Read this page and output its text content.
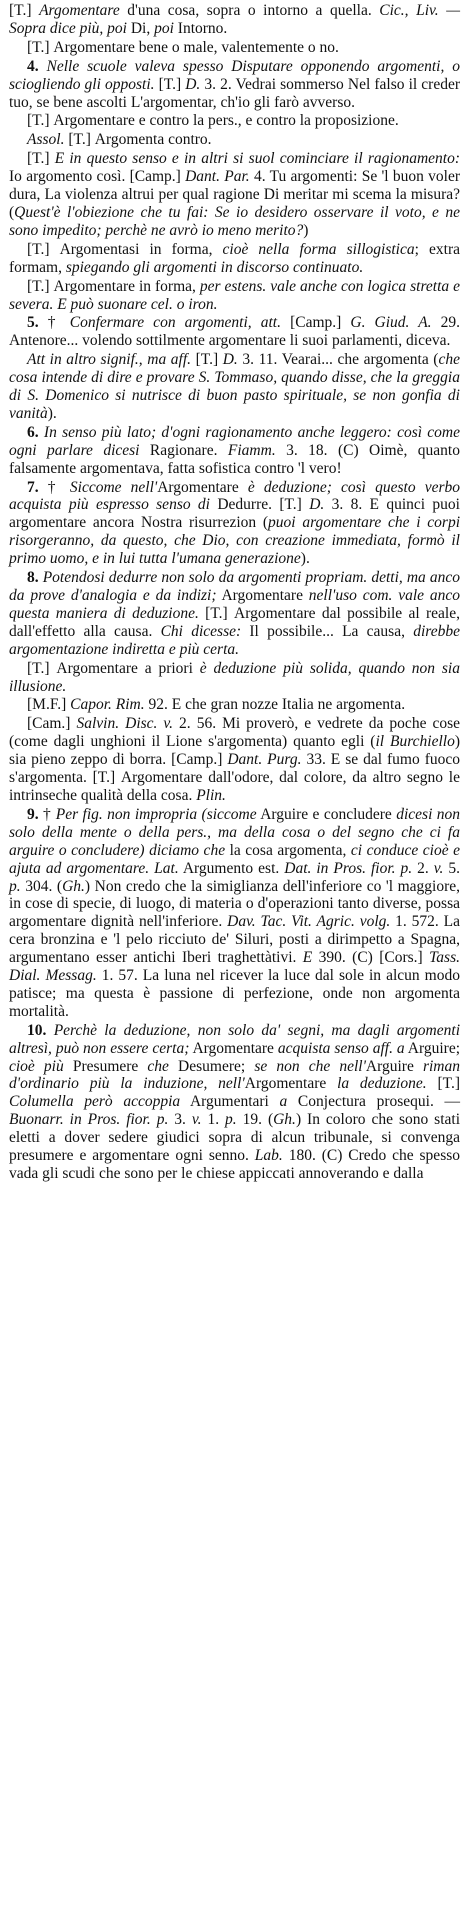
[T.] Argomentare d'una cosa, sopra o intorno a quella. Cic., Liv. — Sopra dice più, poi Di, poi Intorno.

[T.] Argomentare bene o male, valentemente o no.

4. Nelle scuole valeva spesso Disputare opponendo argomenti, o sciogliendo gli opposti. [T.] D. 3. 2. Vedrai sommerso Nel falso il creder tuo, se bene ascolti L'argomentar, ch'io gli farò avverso.

[T.] Argomentare e contro la pers., e contro la proposizione.

Assol. [T.] Argomenta contro.

[T.] E in questo senso e in altri si suol cominciare il ragionamento: Io argomento così. [Camp.] Dant. Par. 4. Tu argomenti: Se 'l buon voler dura, La violenza altrui per qual ragione Di meritar mi scema la misura? (Quest'è l'obiezione che tu fai: Se io desidero osservare il voto, e ne sono impedito; perchè ne avrò io meno merito?)

[T.] Argomentasi in forma, cioè nella forma sillogistica; extra formam, spiegando gli argomenti in discorso continuato.

[T.] Argomentare in forma, per estens. vale anche con logica stretta e severa. E può suonare cel. o iron.

5. † Confermare con argomenti, att. [Camp.] G. Giud. A. 29. Antenore... volendo sottilmente argomentare li suoi parlamenti, diceva.

Att in altro signif., ma aff. [T.] D. 3. 11. Vearai... che argomenta (che cosa intende di dire e provare S. Tommaso, quando disse, che la greggia di S. Domenico si nutrisce di buon pasto spirituale, se non gonfia di vanità).

6. In senso più lato; d'ogni ragionamento anche leggero: così come ogni parlare dicesi Ragionare. Fiamm. 3. 18. (C) Oimè, quanto falsamente argomentava, fatta sofistica contro 'l vero!

7. † Siccome nell'Argomentare è deduzione; così questo verbo acquista più espresso senso di Dedurre. [T.] D. 3. 8. E quinci puoi argomentare ancora Nostra risurrezion (puoi argomentare che i corpi risorgeranno, da questo, che Dio, con creazione immediata, formò il primo uomo, e in lui tutta l'umana generazione).

8. Potendosi dedurre non solo da argomenti propriam. detti, ma anco da prove d'analogia e da indizi; Argomentare nell'uso com. vale anco questa maniera di deduzione. [T.] Argomentare dal possibile al reale, dall'effetto alla causa. Chi dicesse: Il possibile... La causa, direbbe argomentazione indiretta e più certa.

[T.] Argomentare a priori è deduzione più solida, quando non sia illusione.

[M.F.] Capor. Rim. 92. E che gran nozze Italia ne argomenta.

[Cam.] Salvin. Disc. v. 2. 56. Mi proverò, e vedrete da poche cose (come dagli unghioni il Lione s'argomenta) quanto egli (il Burchiello) sia pieno zeppo di borra. [Camp.] Dant. Purg. 33. E se dal fumo fuoco s'argomenta. [T.] Argomentare dall'odore, dal colore, da altro segno le intrinseche qualità della cosa. Plin.

9. † Per fig. non impropria (siccome Arguire e concludere dicesi non solo della mente o della pers., ma della cosa o del segno che ci fa arguire o concludere) diciamo che la cosa argomenta, ci conduce cioè e ajuta ad argomentare. Lat. Argumento est. Dat. in Pros. fior. p. 2. v. 5. p. 304. (Gh.) Non credo che la simiglianza dell'inferiore co 'l maggiore, in cose di specie, di luogo, di materia o d'operazioni tanto diverse, possa argomentare dignità nell'inferiore. Dav. Tac. Vit. Agric. volg. 1. 572. La cera bronzina e 'l pelo ricciuto de' Siluri, posti a dirimpetto a Spagna, argumentano esser antichi Iberi traghettàtivi. E 390. (C) [Cors.] Tass. Dial. Messag. 1. 57. La luna nel ricever la luce dal sole in alcun modo patisce; ma questa è passione di perfezione, onde non argomenta mortalità.

10. Perchè la deduzione, non solo da' segni, ma dagli argomenti altresì, può non essere certa; Argomentare acquista senso aff. a Arguire; cioè più Presumere che Desumere; se non che nell'Arguire riman d'ordinario più la induzione, nell'Argomentare la deduzione. [T.] Columella però accoppia Argumentari a Conjectura prosequi. — Buonarr. in Pros. fior. p. 3. v. 1. p. 19. (Gh.) In coloro che sono stati eletti a dover sedere giudici sopra di alcun tribunale, si convenga presumere e argomentare ogni senno. Lab. 180. (C) Credo che spesso vada gli scudi che sono per le chiese appiccati annoverando e dalla
